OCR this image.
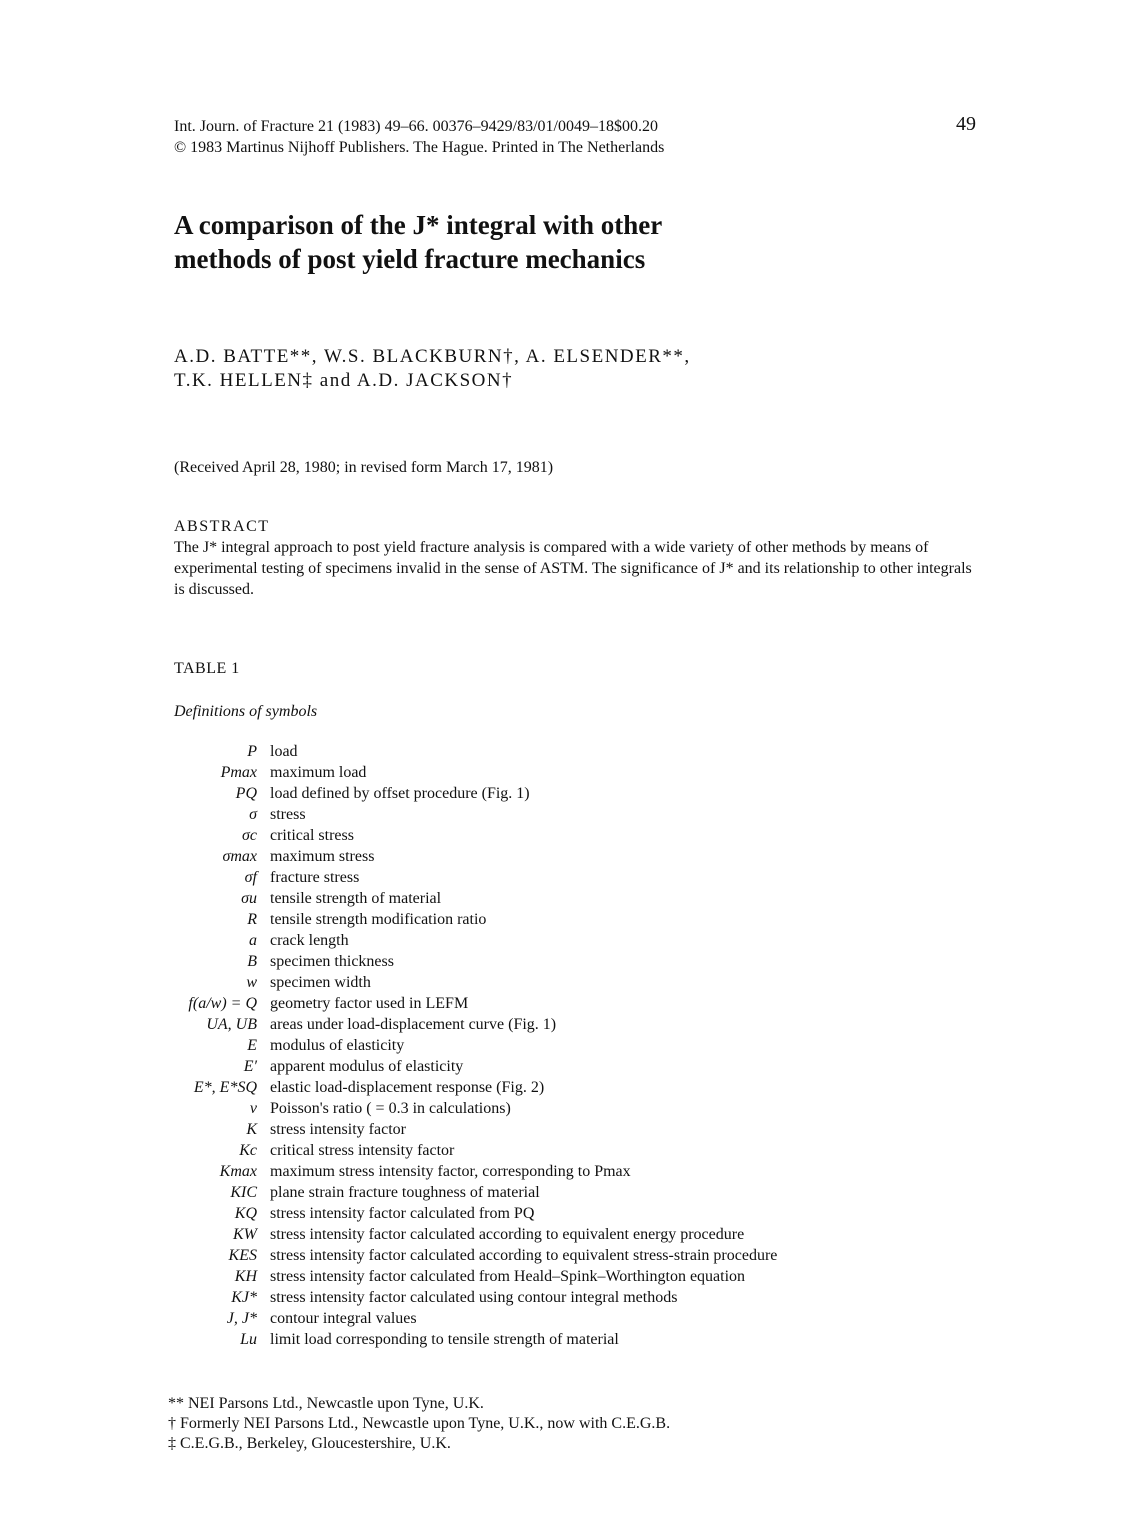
Int. Journ. of Fracture 21 (1983) 49–66. 00376–9429/83/01/0049–18$00.20
© 1983 Martinus Nijhoff Publishers. The Hague. Printed in The Netherlands
49
A comparison of the J* integral with other
methods of post yield fracture mechanics
A.D. BATTE**, W.S. BLACKBURN†, A. ELSENDER**,
T.K. HELLEN‡ and A.D. JACKSON†
(Received April 28, 1980; in revised form March 17, 1981)
ABSTRACT
The J* integral approach to post yield fracture analysis is compared with a wide variety of other methods by means of experimental testing of specimens invalid in the sense of ASTM. The significance of J* and its relationship to other integrals is discussed.
TABLE 1
Definitions of symbols
P	load
Pmax	maximum load
PQ	load defined by offset procedure (Fig. 1)
σ	stress
σc	critical stress
σmax	maximum stress
σf	fracture stress
σu	tensile strength of material
R	tensile strength modification ratio
a	crack length
B	specimen thickness
w	specimen width
f(a/w) = Q	geometry factor used in LEFM
UA, UB	areas under load-displacement curve (Fig. 1)
E	modulus of elasticity
E′	apparent modulus of elasticity
E*, E*SQ	elastic load-displacement response (Fig. 2)
ν	Poisson's ratio ( = 0.3 in calculations)
K	stress intensity factor
Kc	critical stress intensity factor
Kmax	maximum stress intensity factor, corresponding to Pmax
KIC	plane strain fracture toughness of material
KQ	stress intensity factor calculated from PQ
KW	stress intensity factor calculated according to equivalent energy procedure
KES	stress intensity factor calculated according to equivalent stress-strain procedure
KH	stress intensity factor calculated from Heald–Spink–Worthington equation
KJ*	stress intensity factor calculated using contour integral methods
J, J*	contour integral values
Lu	limit load corresponding to tensile strength of material
** NEI Parsons Ltd., Newcastle upon Tyne, U.K.
† Formerly NEI Parsons Ltd., Newcastle upon Tyne, U.K., now with C.E.G.B.
‡ C.E.G.B., Berkeley, Gloucestershire, U.K.
